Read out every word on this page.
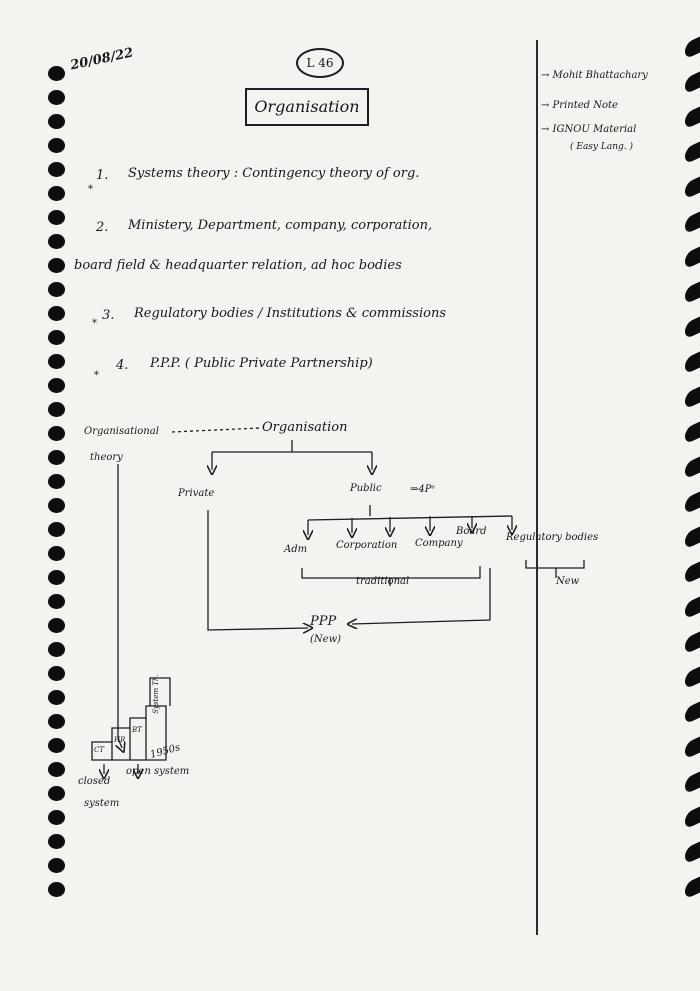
20/08/22	L 46
Organisation
→ Mohit Bhattachary
→ Printed Note
→ IGNOU Material
( Easy Lang. )
*
1. Systems theory : Contingency theory of org.
2. Ministery, Department, company, corporation,
board field & headquarter relation, ad hoc bodies
*
3. Regulatory bodies / Institutions & commissions
*
4. P.P.P. ( Public Private Partnership)
Organisational
theory
Organisation
Private	Public	⇒4Pˢ
Adm	Corporation Company
Board
Regulatory bodies
traditional	New
PPP
(New)
CT
HR
BT
System Th.
closed
system
1950s
open system
